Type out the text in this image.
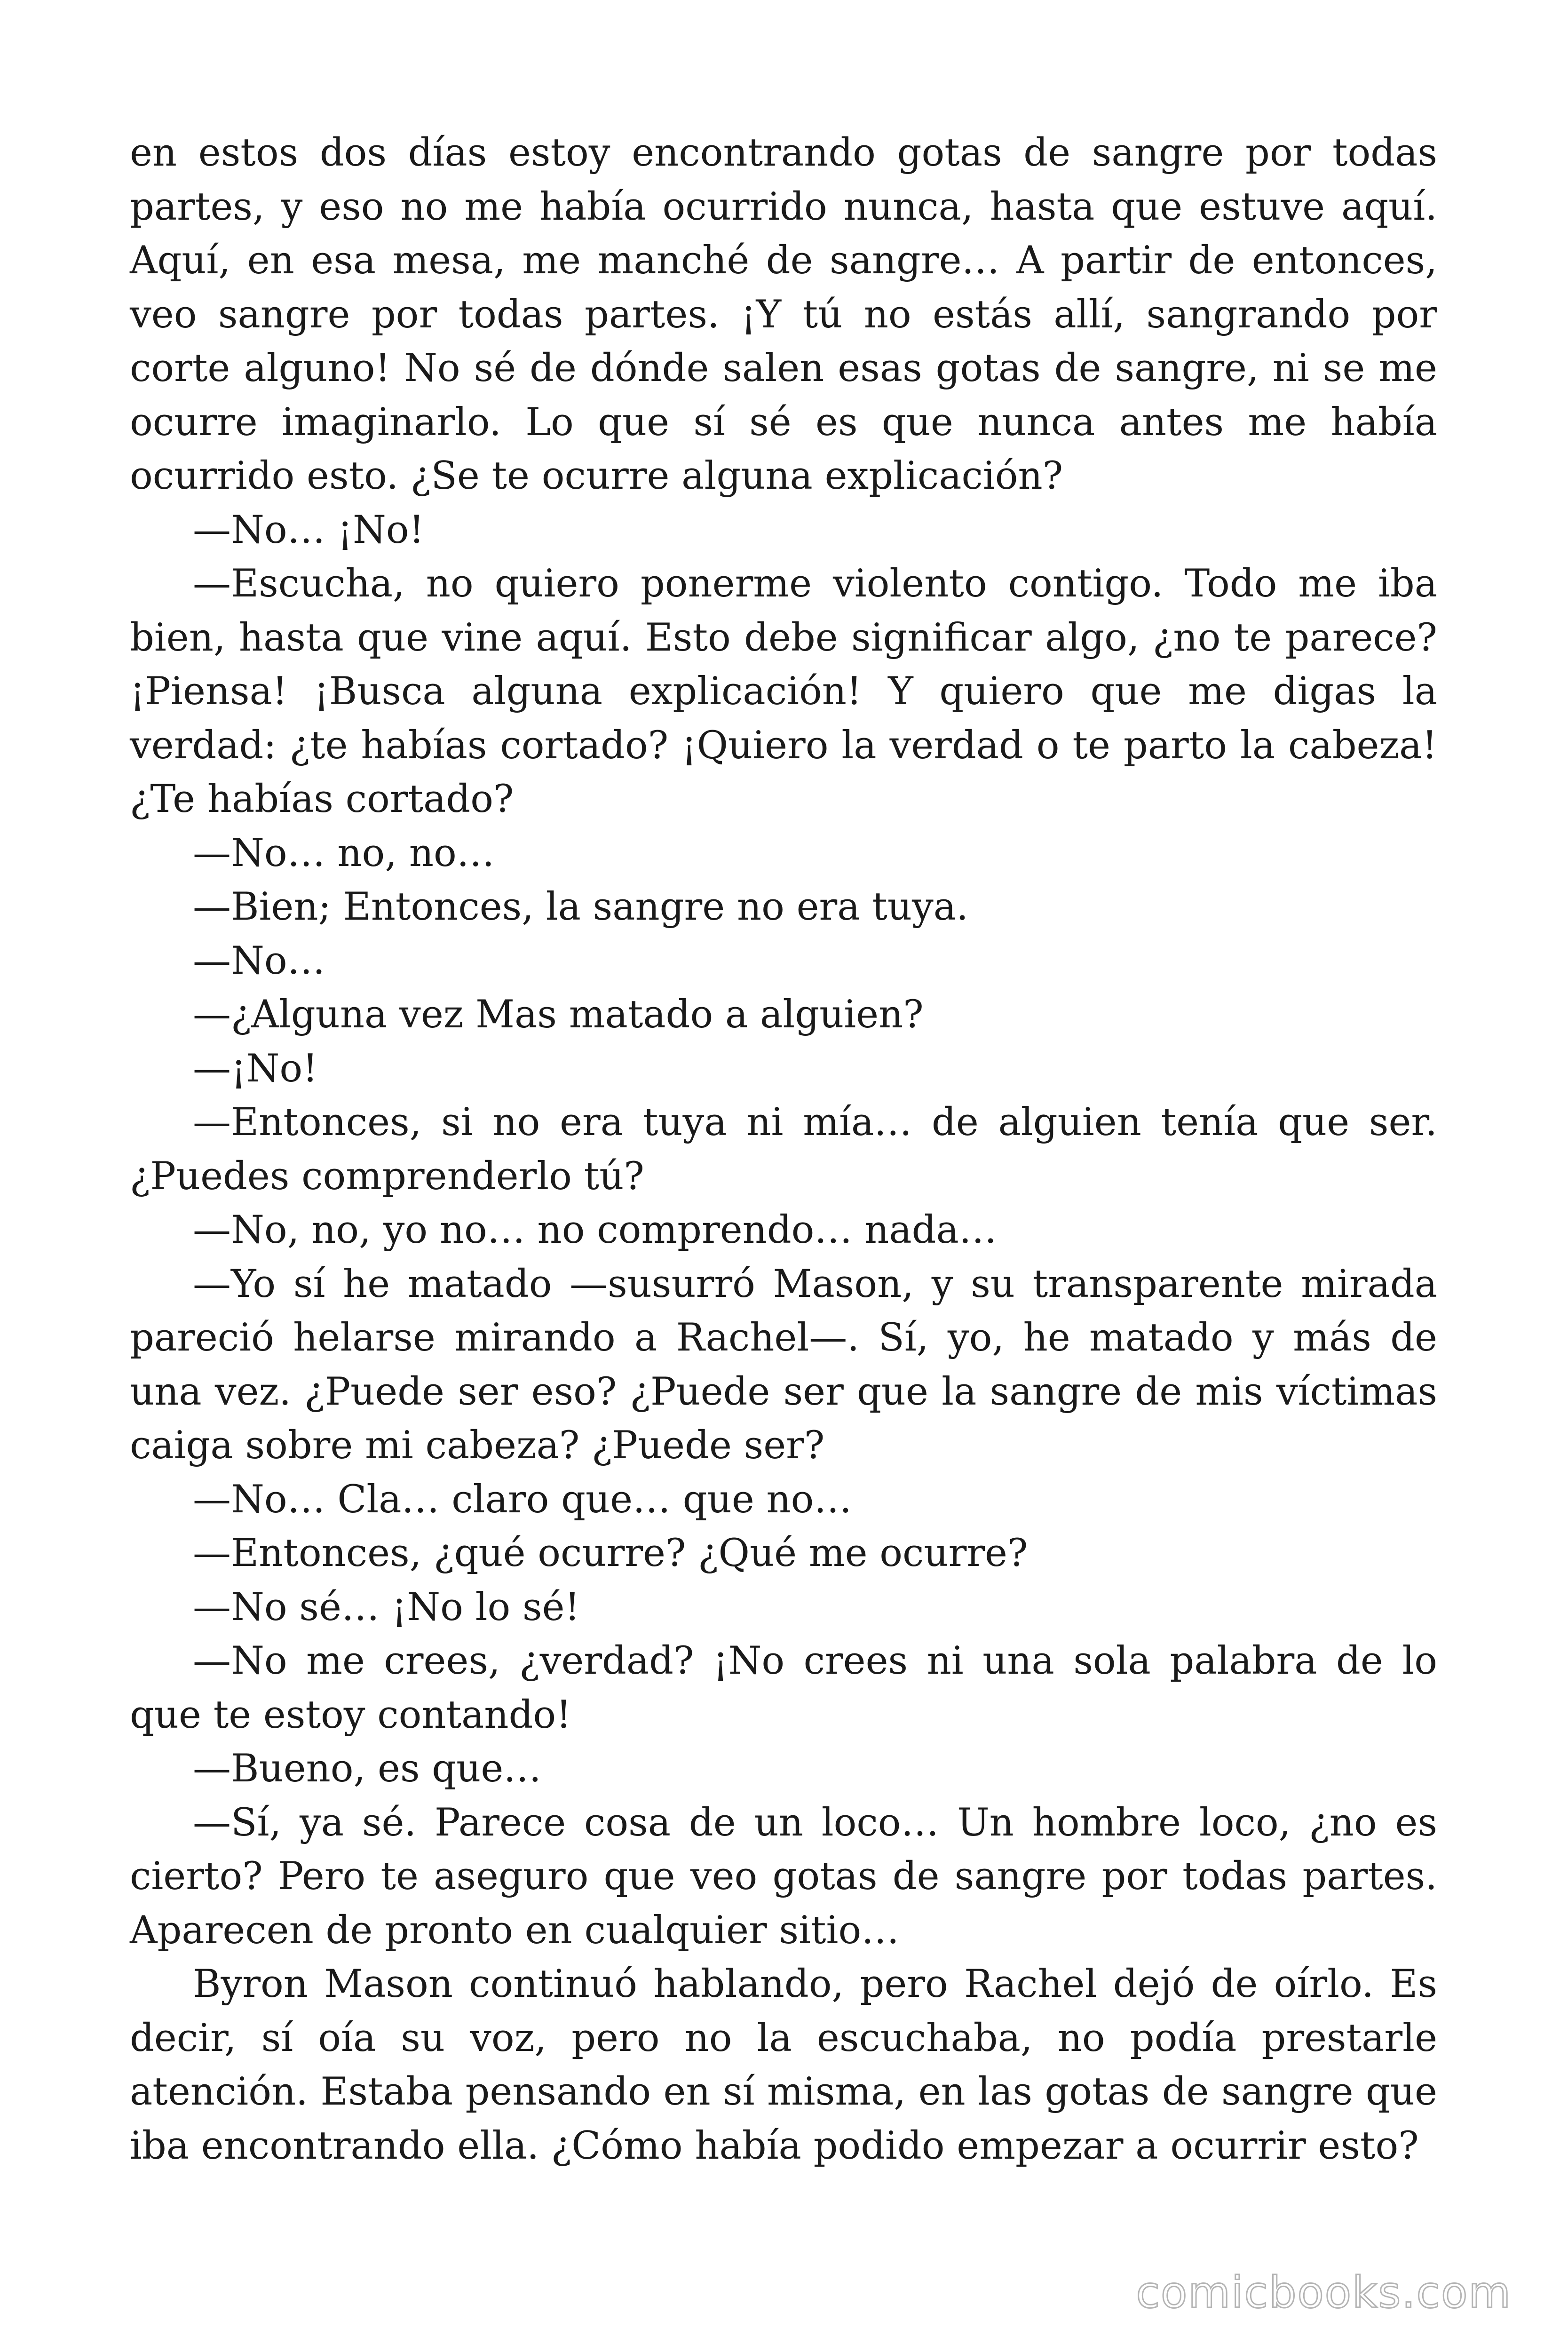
en estos dos días estoy encontrando gotas de sangre por todas partes, y eso no me había ocurrido nunca, hasta que estuve aquí. Aquí, en esa mesa, me manché de sangre… A partir de entonces, veo sangre por todas partes. ¡Y tú no estás allí, sangrando por corte alguno! No sé de dónde salen esas gotas de sangre, ni se me ocurre imaginarlo. Lo que sí sé es que nunca antes me había ocurrido esto. ¿Se te ocurre alguna explicación?

—No… ¡No!

—Escucha, no quiero ponerme violento contigo. Todo me iba bien, hasta que vine aquí. Esto debe significar algo, ¿no te parece? ¡Piensa! ¡Busca alguna explicación! Y quiero que me digas la verdad: ¿te habías cortado? ¡Quiero la verdad o te parto la cabeza! ¿Te habías cortado?

—No… no, no…

—Bien; Entonces, la sangre no era tuya.

—No…

—¿Alguna vez Mas matado a alguien?

—¡No!

—Entonces, si no era tuya ni mía… de alguien tenía que ser. ¿Puedes comprenderlo tú?

—No, no, yo no… no comprendo… nada…

—Yo sí he matado —susurró Mason, y su transparente mirada pareció helarse mirando a Rachel—. Sí, yo, he matado y más de una vez. ¿Puede ser eso? ¿Puede ser que la sangre de mis víctimas caiga sobre mi cabeza? ¿Puede ser?

—No… Cla… claro que… que no…

—Entonces, ¿qué ocurre? ¿Qué me ocurre?

—No sé… ¡No lo sé!

—No me crees, ¿verdad? ¡No crees ni una sola palabra de lo que te estoy contando!

—Bueno, es que…

—Sí, ya sé. Parece cosa de un loco… Un hombre loco, ¿no es cierto? Pero te aseguro que veo gotas de sangre por todas partes. Aparecen de pronto en cualquier sitio…

Byron Mason continuó hablando, pero Rachel dejó de oírlo. Es decir, sí oía su voz, pero no la escuchaba, no podía prestarle atención. Estaba pensando en sí misma, en las gotas de sangre que iba encontrando ella. ¿Cómo había podido empezar a ocurrir esto?

comicbooks.com
